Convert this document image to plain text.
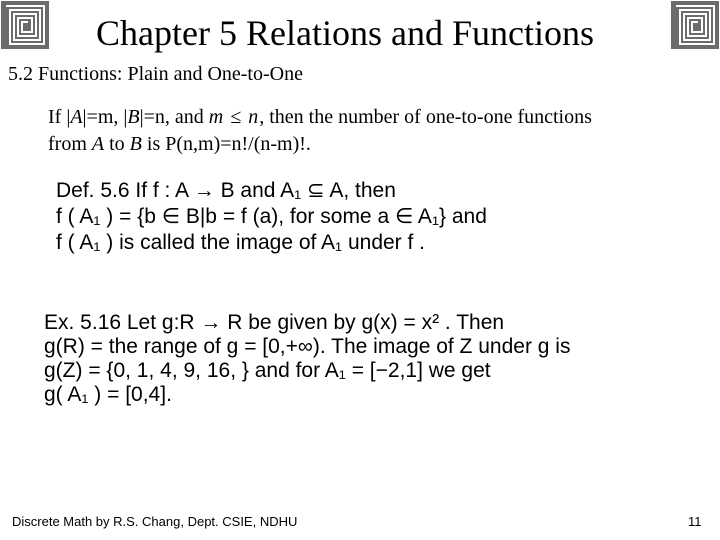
Chapter 5 Relations and Functions
5.2 Functions: Plain and One-to-One
If |A|=m, |B|=n, and m ≤ n, then the number of one-to-one functions
from A to B is P(n,m)=n!/(n-m)!.
Def. 5.6 If f : A → B and A₁ ⊆ A, then
f ( A₁ ) = {b ∈ B|b = f (a), for some a ∈ A₁} and
f ( A₁ ) is called the image of A₁ under f .
Ex. 5.16 Let g:R → R be given by g(x) = x² . Then
g(R) = the range of g = [0,+∞). The image of Z under g is
g(Z) = {0, 1, 4, 9, 16, } and for A₁ = [−2,1] we get
g( A₁ ) = [0,4].
Discrete Math by R.S. Chang, Dept. CSIE, NDHU	11
